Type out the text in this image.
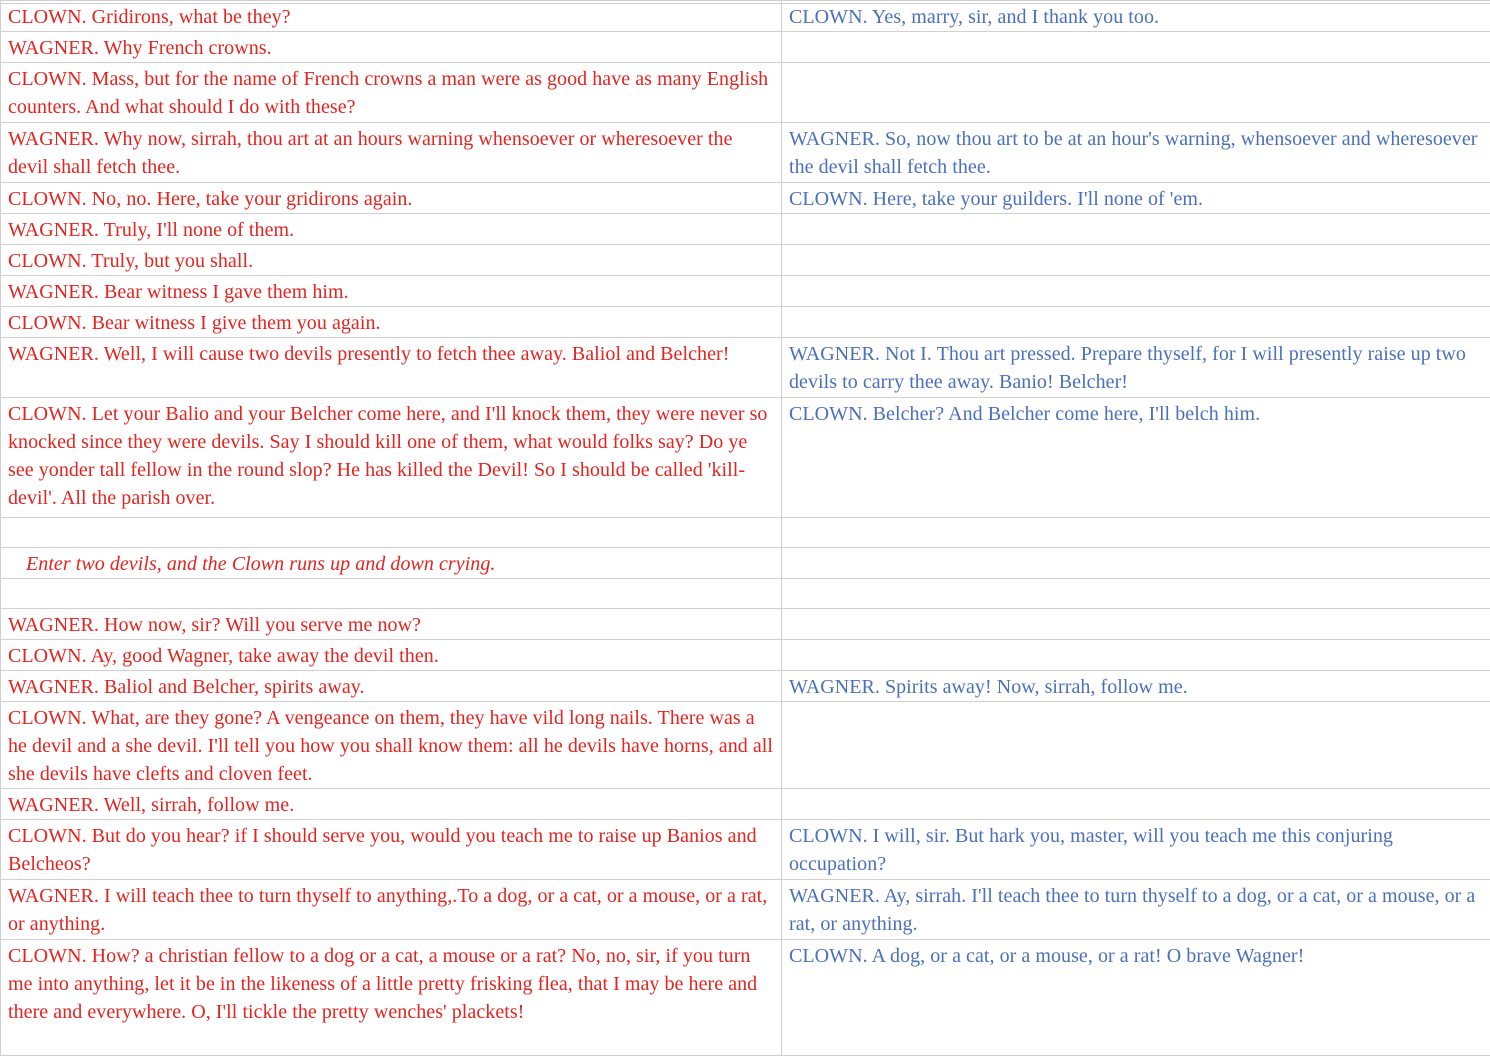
CLOWN. Gridirons, what be they?	CLOWN. Yes, marry, sir, and I thank you too.
WAGNER. Why French crowns.	
CLOWN. Mass, but for the name of French crowns a man were as good have as many English counters. And what should I do with these?	
WAGNER. Why now, sirrah, thou art at an hours warning whensoever or wheresoever the devil shall fetch thee.	WAGNER. So, now thou art to be at an hour's warning, whensoever and wheresoever the devil shall fetch thee.
CLOWN. No, no. Here, take your gridirons again.	CLOWN. Here, take your guilders. I'll none of 'em.
WAGNER. Truly, I'll none of them.	
CLOWN. Truly, but you shall.	
WAGNER. Bear witness I gave them him.	
CLOWN. Bear witness I give them you again.	
WAGNER. Well, I will cause two devils presently to fetch thee away. Baliol and Belcher!	WAGNER. Not I. Thou art pressed. Prepare thyself, for I will presently raise up two devils to carry thee away. Banio! Belcher!
CLOWN. Let your Balio and your Belcher come here, and I'll knock them, they were never so knocked since they were devils. Say I should kill one of them, what would folks say? Do ye see yonder tall fellow in the round slop? He has killed the Devil! So I should be called 'kill-devil'. All the parish over.	CLOWN. Belcher? And Belcher come here, I'll belch him.

Enter two devils, and the Clown runs up and down crying.	

WAGNER. How now, sir? Will you serve me now?	
CLOWN. Ay, good Wagner, take away the devil then.	
WAGNER. Baliol and Belcher, spirits away.	WAGNER. Spirits away! Now, sirrah, follow me.
CLOWN. What, are they gone? A vengeance on them, they have vild long nails. There was a he devil and a she devil. I'll tell you how you shall know them: all he devils have horns, and all she devils have clefts and cloven feet.	
WAGNER. Well, sirrah, follow me.	
CLOWN. But do you hear? if I should serve you, would you teach me to raise up Banios and Belcheos?	CLOWN. I will, sir. But hark you, master, will you teach me this conjuring occupation?
WAGNER. I will teach thee to turn thyself to anything,.To a dog, or a cat, or a mouse, or a rat, or anything.	WAGNER. Ay, sirrah. I'll teach thee to turn thyself to a dog, or a cat, or a mouse, or a rat, or anything.
CLOWN. How? a christian fellow to a dog or a cat, a mouse or a rat? No, no, sir, if you turn me into anything, let it be in the likeness of a little pretty frisking flea, that I may be here and there and everywhere. O, I'll tickle the pretty wenches' plackets!	CLOWN. A dog, or a cat, or a mouse, or a rat! O brave Wagner!
